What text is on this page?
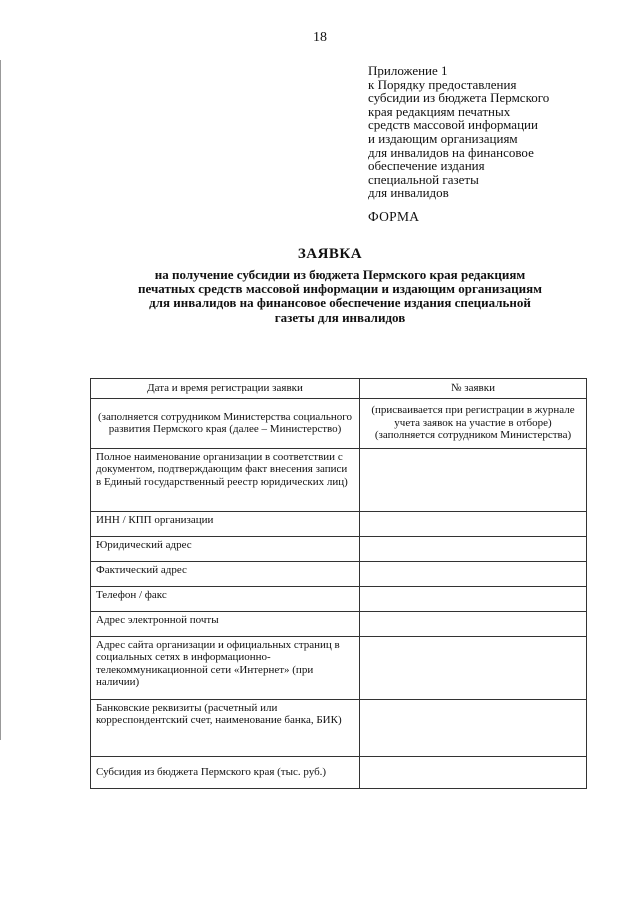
18
Приложение 1
к Порядку предоставления
субсидии из бюджета Пермского
края редакциям печатных
средств массовой информации
и издающим организациям
для инвалидов на финансовое
обеспечение издания
специальной газеты
для инвалидов
ФОРМА
ЗАЯВКА
на получение субсидии из бюджета Пермского края редакциям
печатных средств массовой информации и издающим организациям
для инвалидов на финансовое обеспечение издания специальной
газеты для инвалидов
Дата и время регистрации заявки	№ заявки
(заполняется сотрудником Министерства социального развития Пермского края (далее – Министерство)	(присваивается при регистрации в журнале учета заявок на участие в отборе) (заполняется сотрудником Министерства)
Полное наименование организации в соответствии с документом, подтверждающим факт внесения записи в Единый государственный реестр юридических лиц)	
ИНН / КПП организации	
Юридический адрес	
Фактический адрес	
Телефон / факс	
Адрес электронной почты	
Адрес сайта организации и официальных страниц в социальных сетях в информационно-телекоммуникационной сети «Интернет» (при наличии)	
Банковские реквизиты (расчетный или корреспондентский счет, наименование банка, БИК)	
Субсидия из бюджета Пермского края (тыс. руб.)	
